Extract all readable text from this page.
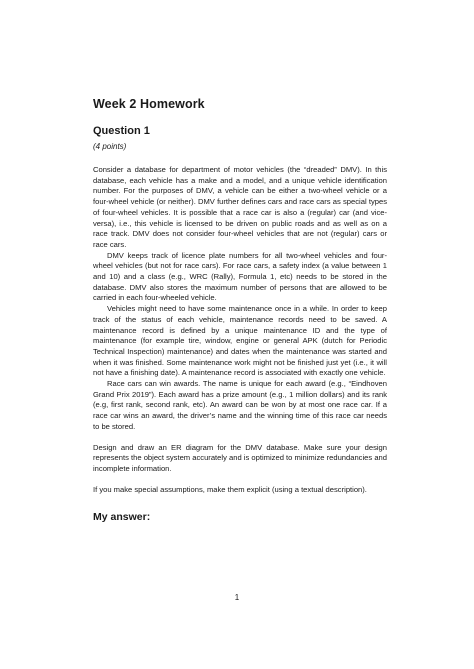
Week 2 Homework
Question 1
(4 points)

Consider a database for department of motor vehicles (the “dreaded” DMV). In this database, each vehicle has a make and a model, and a unique vehicle identification number. For the purposes of DMV, a vehicle can be either a two-wheel vehicle or a four-wheel vehicle (or neither). DMV further defines cars and race cars as special types of four-wheel vehicles. It is possible that a race car is also a (regular) car (and vice-versa), i.e., this vehicle is licensed to be driven on public roads and as well as on a race track. DMV does not consider four-wheel vehicles that are not (regular) cars or race cars.

DMV keeps track of licence plate numbers for all two-wheel vehicles and four-wheel vehicles (but not for race cars). For race cars, a safety index (a value between 1 and 10) and a class (e.g., WRC (Rally), Formula 1, etc) needs to be stored in the database. DMV also stores the maximum number of persons that are allowed to be carried in each four-wheeled vehicle.

Vehicles might need to have some maintenance once in a while. In order to keep track of the status of each vehicle, maintenance records need to be saved. A maintenance record is defined by a unique maintenance ID and the type of maintenance (for example tire, window, engine or general APK (dutch for Periodic Technical Inspection) maintenance) and dates when the maintenance was started and when it was finished. Some maintenance work might not be finished just yet (i.e., it will not have a finishing date). A maintenance record is associated with exactly one vehicle.

Race cars can win awards. The name is unique for each award (e.g., “Eindhoven Grand Prix 2019”). Each award has a prize amount (e.g., 1 million dollars) and its rank (e.g, first rank, second rank, etc). An award can be won by at most one race car. If a race car wins an award, the driver’s name and the winning time of this race car needs to be stored.

Design and draw an ER diagram for the DMV database. Make sure your design represents the object system accurately and is optimized to minimize redundancies and incomplete information.

If you make special assumptions, make them explicit (using a textual description).

My answer:
1
